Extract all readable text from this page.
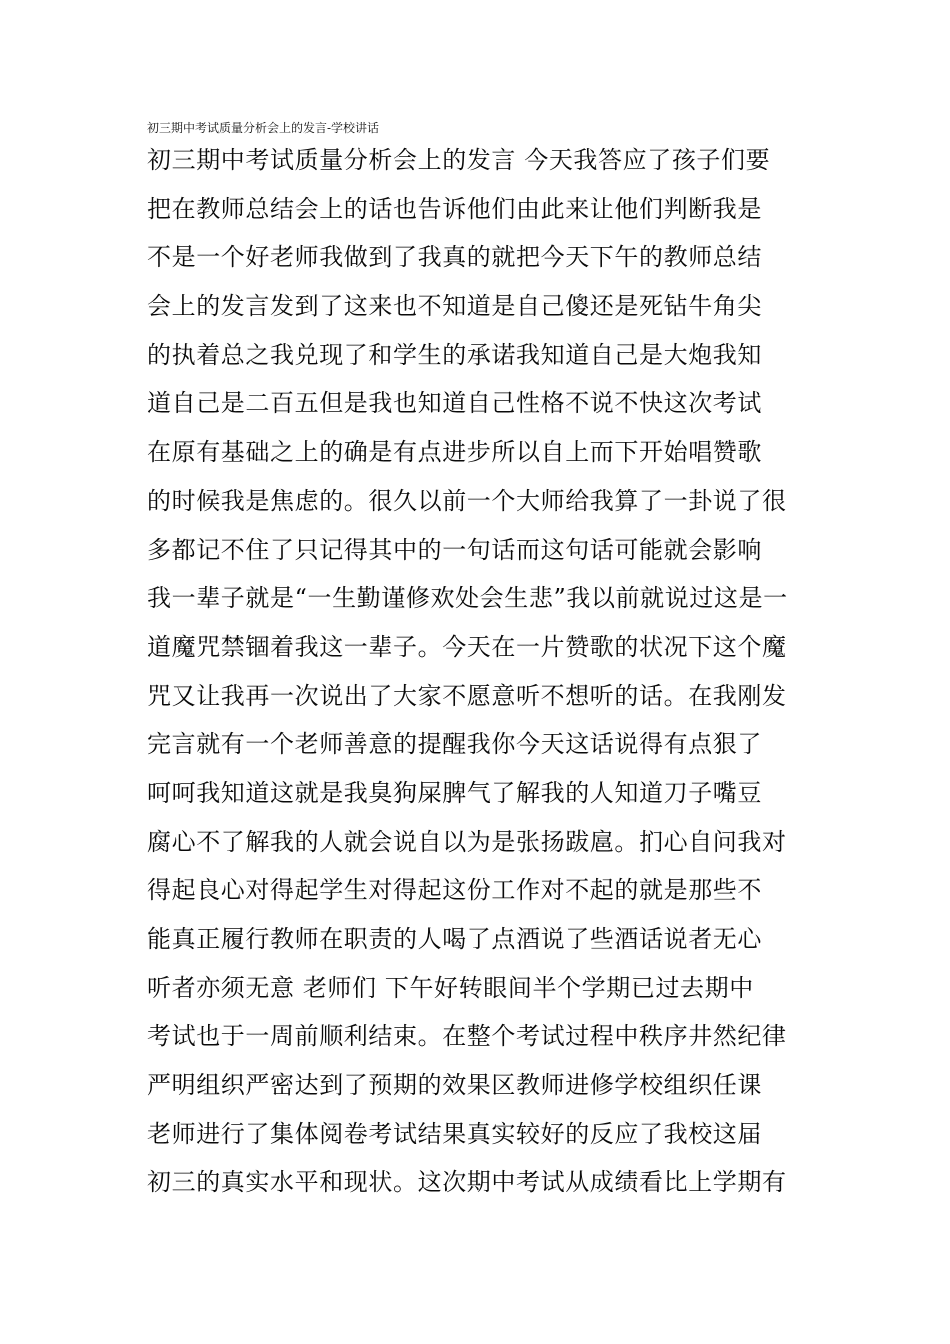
初三期中考试质量分析会上的发言-学校讲话
初三期中考试质量分析会上的发言 今天我答应了孩子们要
把在教师总结会上的话也告诉他们由此来让他们判断我是
不是一个好老师我做到了我真的就把今天下午的教师总结
会上的发言发到了这来也不知道是自己傻还是死钻牛角尖
的执着总之我兑现了和学生的承诺我知道自己是大炮我知
道自己是二百五但是我也知道自己性格不说不快这次考试
在原有基础之上的确是有点进步所以自上而下开始唱赞歌
的时候我是焦虑的。很久以前一个大师给我算了一卦说了很
多都记不住了只记得其中的一句话而这句话可能就会影响
我一辈子就是“一生勤谨修欢处会生悲”我以前就说过这是一
道魔咒禁锢着我这一辈子。今天在一片赞歌的状况下这个魔
咒又让我再一次说出了大家不愿意听不想听的话。在我刚发
完言就有一个老师善意的提醒我你今天这话说得有点狠了
呵呵我知道这就是我臭狗屎脾气了解我的人知道刀子嘴豆
腐心不了解我的人就会说自以为是张扬跋扈。扪心自问我对
得起良心对得起学生对得起这份工作对不起的就是那些不
能真正履行教师在职责的人喝了点酒说了些酒话说者无心
听者亦须无意 老师们 下午好转眼间半个学期已过去期中
考试也于一周前顺利结束。在整个考试过程中秩序井然纪律
严明组织严密达到了预期的效果区教师进修学校组织任课
老师进行了集体阅卷考试结果真实较好的反应了我校这届
初三的真实水平和现状。这次期中考试从成绩看比上学期有
